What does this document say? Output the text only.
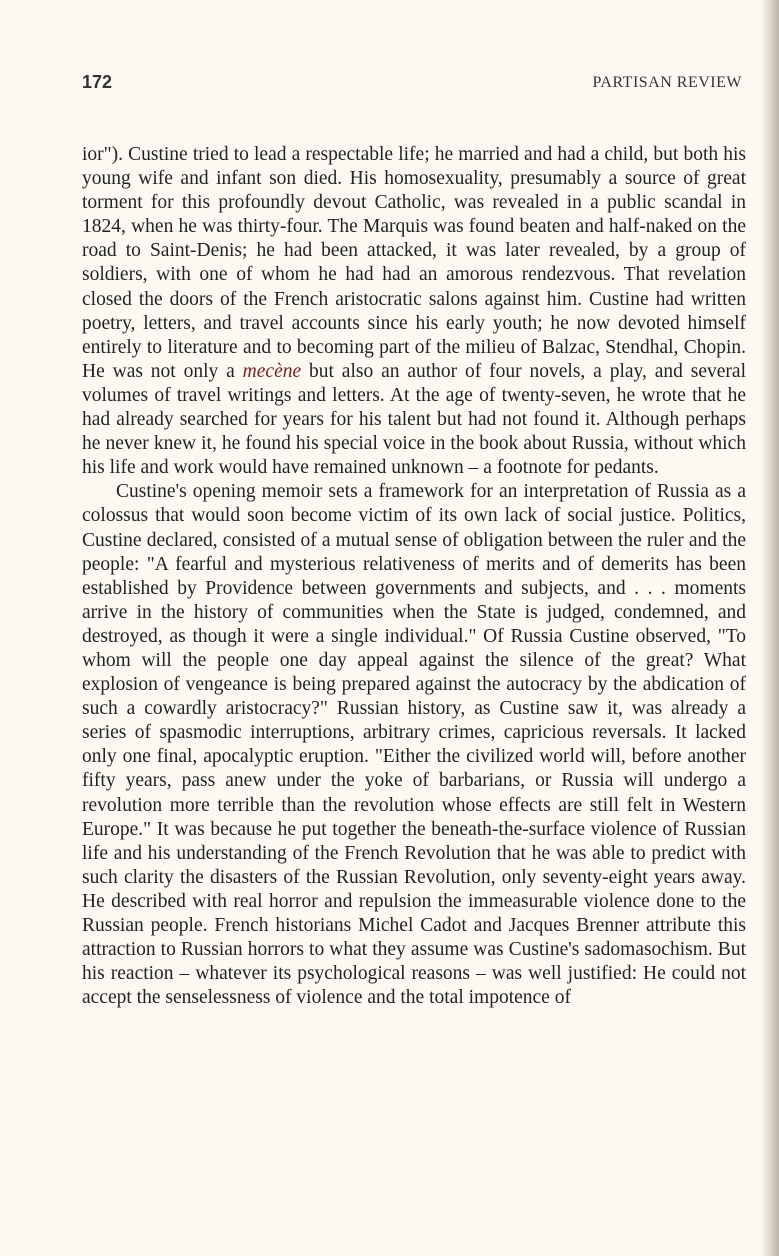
172	PARTISAN REVIEW

ior"). Custine tried to lead a respectable life; he married and had a child, but both his young wife and infant son died. His homosexuality, presumably a source of great torment for this profoundly devout Catholic, was revealed in a public scandal in 1824, when he was thirty-four. The Marquis was found beaten and half-naked on the road to Saint-Denis; he had been attacked, it was later revealed, by a group of soldiers, with one of whom he had had an amorous rendezvous. That revelation closed the doors of the French aristocratic salons against him. Custine had written poetry, letters, and travel accounts since his early youth; he now devoted himself entirely to literature and to becoming part of the milieu of Balzac, Stendhal, Chopin. He was not only a mecène but also an author of four novels, a play, and several volumes of travel writings and letters. At the age of twenty-seven, he wrote that he had already searched for years for his talent but had not found it. Although perhaps he never knew it, he found his special voice in the book about Russia, without which his life and work would have remained unknown – a footnote for pedants.

Custine's opening memoir sets a framework for an interpretation of Russia as a colossus that would soon become victim of its own lack of social justice. Politics, Custine declared, consisted of a mutual sense of obligation between the ruler and the people: "A fearful and mysterious relativeness of merits and of demerits has been established by Providence between governments and subjects, and . . . moments arrive in the history of communities when the State is judged, condemned, and destroyed, as though it were a single individual." Of Russia Custine observed, "To whom will the people one day appeal against the silence of the great? What explosion of vengeance is being prepared against the autocracy by the abdication of such a cowardly aristocracy?" Russian history, as Custine saw it, was already a series of spasmodic interruptions, arbitrary crimes, capricious reversals. It lacked only one final, apocalyptic eruption. "Either the civilized world will, before another fifty years, pass anew under the yoke of barbarians, or Russia will undergo a revolution more terrible than the revolution whose effects are still felt in Western Europe." It was because he put together the beneath-the-surface violence of Russian life and his understanding of the French Revolution that he was able to predict with such clarity the disasters of the Russian Revolution, only seventy-eight years away. He described with real horror and repulsion the immeasurable violence done to the Russian people. French historians Michel Cadot and Jacques Brenner attribute this attraction to Russian horrors to what they assume was Custine's sadomasochism. But his reaction – whatever its psychological reasons – was well justified: He could not accept the senselessness of violence and the total impotence of
